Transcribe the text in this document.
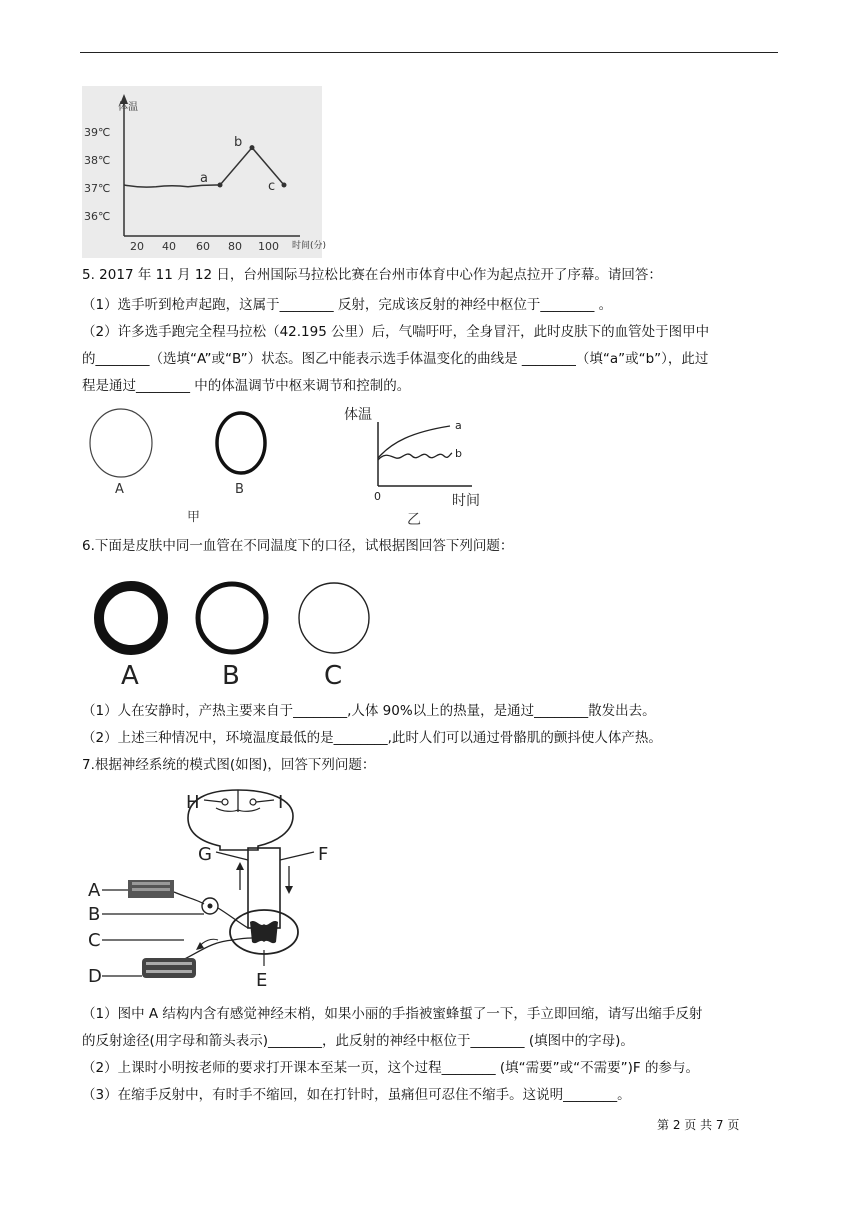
体温
时间(分)
39℃
38℃
37℃
36℃
20 40 60 80 100
a
b
c
5. 2017 年 11 月 12 日，台州国际马拉松比赛在台州市体育中心作为起点拉开了序幕。请回答：
（1）选手听到枪声起跑，这属于________ 反射，完成该反射的神经中枢位于________ 。
（2）许多选手跑完全程马拉松（42.195 公里）后，气喘吁吁，全身冒汗，此时皮肤下的血管处于图甲中
的________（选填“A”或“B”）状态。图乙中能表示选手体温变化的曲线是 ________（填“a”或“b”），此过
程是通过________ 中的体温调节中枢来调节和控制的。
A	B
甲
体温
0	时间
a
b
乙
6.下面是皮肤中同一血管在不同温度下的口径，试根据图回答下列问题：
A	B	C
（1）人在安静时，产热主要来自于________,人体 90%以上的热量，是通过________散发出去。
（2）上述三种情况中，环境温度最低的是________,此时人们可以通过骨骼肌的颤抖使人体产热。
7.根据神经系统的模式图(如图)，回答下列问题：
H	I
G	F
A
B
C
D	E
（1）图中 A 结构内含有感觉神经末梢，如果小丽的手指被蜜蜂蜇了一下，手立即回缩，请写出缩手反射
的反射途径(用字母和箭头表示)________，此反射的神经中枢位于________ (填图中的字母)。
（2）上课时小明按老师的要求打开课本至某一页，这个过程________ (填“需要”或“不需要”)F 的参与。
（3）在缩手反射中，有时手不缩回，如在打针时，虽痛但可忍住不缩手。这说明________。
第 2 页 共 7 页
